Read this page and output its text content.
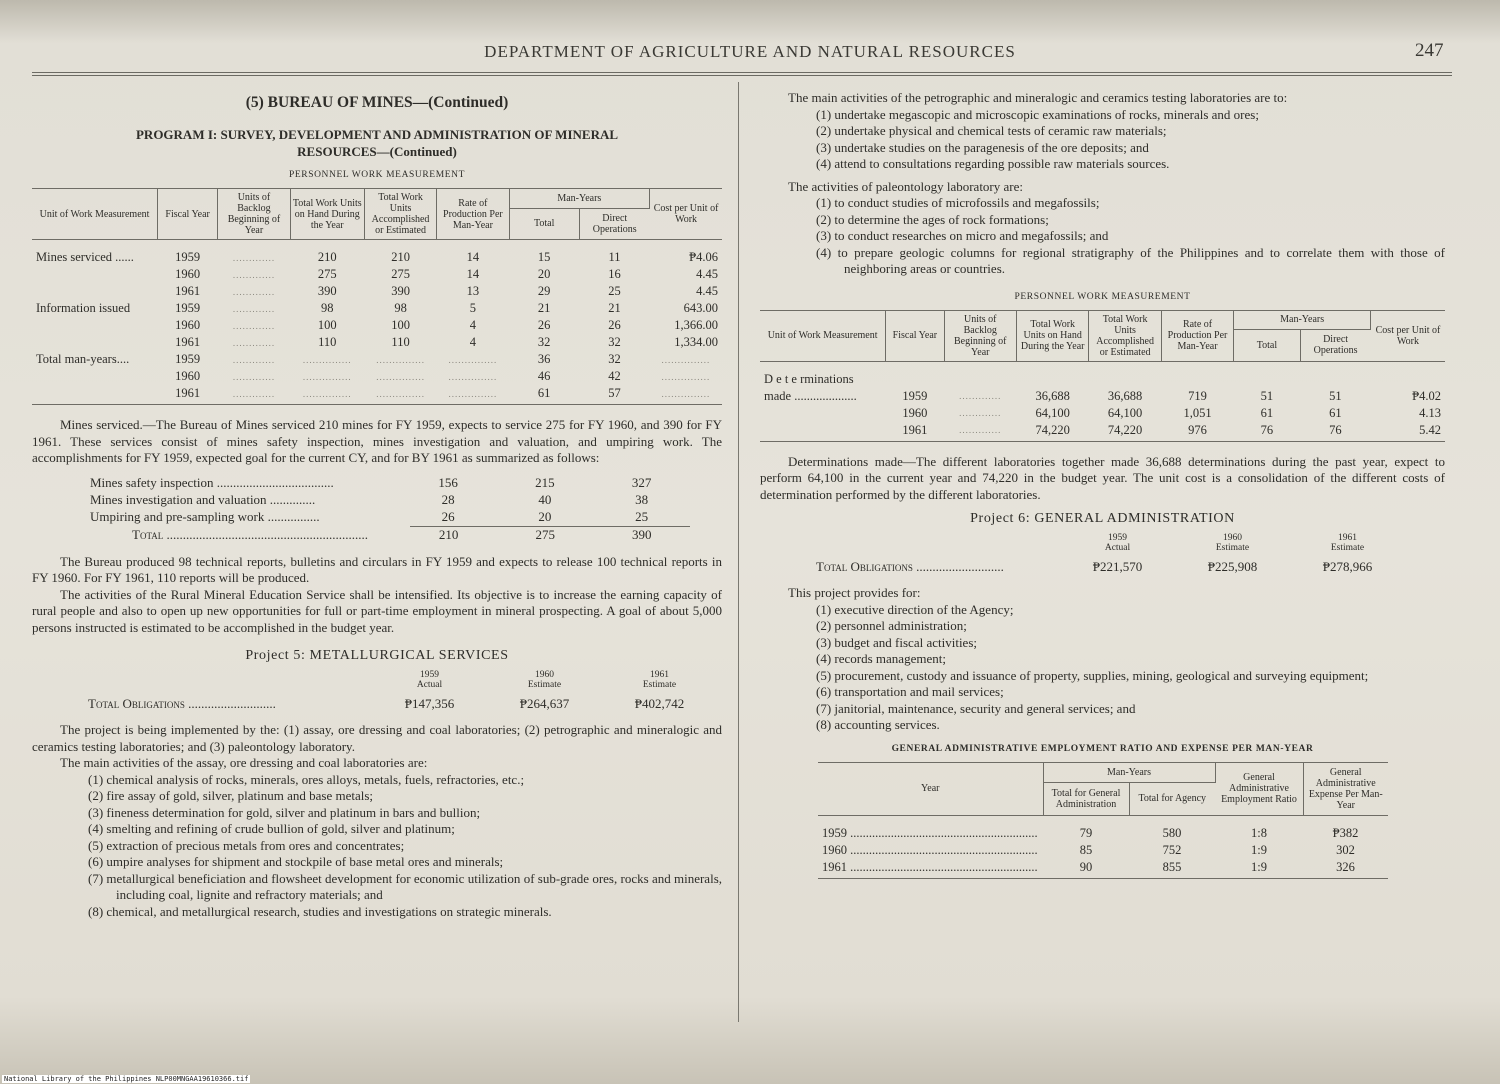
DEPARTMENT OF AGRICULTURE AND NATURAL RESOURCES	247
(5) BUREAU OF MINES—(Continued)
PROGRAM I: SURVEY, DEVELOPMENT AND ADMINISTRATION OF MINERAL RESOURCES—(Continued)
PERSONNEL WORK MEASUREMENT
Unit of Work Measurement	Fiscal Year	Units of Backlog Beginning of Year	Total Work Units on Hand During the Year	Total Work Units Accomplished or Estimated	Rate of Production Per Man-Year	Man-Years		Cost per Unit of Work
						Total	Direct Operations	
Mines serviced ......	1959	.............	210	210	14	15	11	₱4.06
	1960	.............	275	275	14	20	16	4.45
	1961	.............	390	390	13	29	25	4.45
Information issued	1959	.............	98	98	5	21	21	643.00
	1960	.............	100	100	4	26	26	1,366.00
	1961	.............	110	110	4	32	32	1,334.00
Total man-years....	1959	.............	...............	...............	...............	36	32	...............
	1960	.............	...............	...............	...............	46	42	...............
	1961	.............	...............	...............	...............	61	57	...............

Mines serviced.—The Bureau of Mines serviced 210 mines for FY 1959, expects to service 275 for FY 1960, and 390 for FY 1961. These services consist of mines safety inspection, mines investigation and valuation, and umpiring work. The accomplishments for FY 1959, expected goal for the current CY, and for BY 1961 as summarized as follows:

Mines safety inspection ....................................	156	215	327
Mines investigation and valuation ..............	28	40	38
Umpiring and pre-sampling work ................	26	20	25
Total ..............................................................	210	275	390

The Bureau produced 98 technical reports, bulletins and circulars in FY 1959 and expects to release 100 technical reports in FY 1960. For FY 1961, 110 reports will be produced.

The activities of the Rural Mineral Education Service shall be intensified. Its objective is to increase the earning capacity of rural people and also to open up new opportunities for full or part-time employment in mineral prospecting. A goal of about 5,000 persons instructed is estimated to be accomplished in the budget year.

Project 5: METALLURGICAL SERVICES
1959
Actual
1960
Estimate
1961
Estimate
Total Obligations ...........................	₱147,356	₱264,637	₱402,742

The project is being implemented by the: (1) assay, ore dressing and coal laboratories; (2) petrographic and mineralogic and ceramics testing laboratories; and (3) paleontology laboratory.

The main activities of the assay, ore dressing and coal laboratories are:

(1) chemical analysis of rocks, minerals, ores alloys, metals, fuels, refractories, etc.;
(2) fire assay of gold, silver, platinum and base metals;
(3) fineness determination for gold, silver and platinum in bars and bullion;
(4) smelting and refining of crude bullion of gold, silver and platinum;
(5) extraction of precious metals from ores and concentrates;
(6) umpire analyses for shipment and stockpile of base metal ores and minerals;
(7) metallurgical beneficiation and flowsheet development for economic utilization of sub-grade ores, rocks and minerals, including coal, lignite and refractory materials; and
(8) chemical, and metallurgical research, studies and investigations on strategic minerals.

The main activities of the petrographic and mineralogic and ceramics testing laboratories are to:

(1) undertake megascopic and microscopic examinations of rocks, minerals and ores;
(2) undertake physical and chemical tests of ceramic raw materials;
(3) undertake studies on the paragenesis of the ore deposits; and
(4) attend to consultations regarding possible raw materials sources.

The activities of paleontology laboratory are:

(1) to conduct studies of microfossils and megafossils;
(2) to determine the ages of rock formations;
(3) to conduct researches on micro and megafossils; and
(4) to prepare geologic columns for regional stratigraphy of the Philippines and to correlate them with those of neighboring areas or countries.
PERSONNEL WORK MEASUREMENT
Unit of Work Measurement	Fiscal Year	Units of Backlog Beginning of Year	Total Work Units on Hand During the Year	Total Work Units Accomplished or Estimated	Rate of Production Per Man-Year	Man-Years		Cost per Unit of Work
						Total	Direct Operations	
D e t e rminations								
made ....................	1959	.............	36,688	36,688	719	51	51	₱4.02
	1960	.............	64,100	64,100	1,051	61	61	4.13
	1961	.............	74,220	74,220	976	76	76	5.42

Determinations made—The different laboratories together made 36,688 determinations during the past year, expect to perform 64,100 in the current year and 74,220 in the budget year. The unit cost is a consolidation of the different costs of determination performed by the different laboratories.

Project 6: GENERAL ADMINISTRATION
1959
Actual
1960
Estimate
1961
Estimate
Total Obligations ...........................	₱221,570	₱225,908	₱278,966

This project provides for:

(1) executive direction of the Agency;
(2) personnel administration;
(3) budget and fiscal activities;
(4) records management;
(5) procurement, custody and issuance of property, supplies, mining, geological and surveying equipment;
(6) transportation and mail services;
(7) janitorial, maintenance, security and general services; and
(8) accounting services.
GENERAL ADMINISTRATIVE EMPLOYMENT RATIO AND EXPENSE PER MAN-YEAR
Year	Man-Years		General Administrative Employment Ratio	General Administrative Expense Per Man-Year
	Total for General Administration	Total for Agency		
1959 ............................................................	79	580	1:8	₱382
1960 ............................................................	85	752	1:9	302
1961 ............................................................	90	855	1:9	326
National Library of the Philippines NLP00MNGAA19610366.tif
